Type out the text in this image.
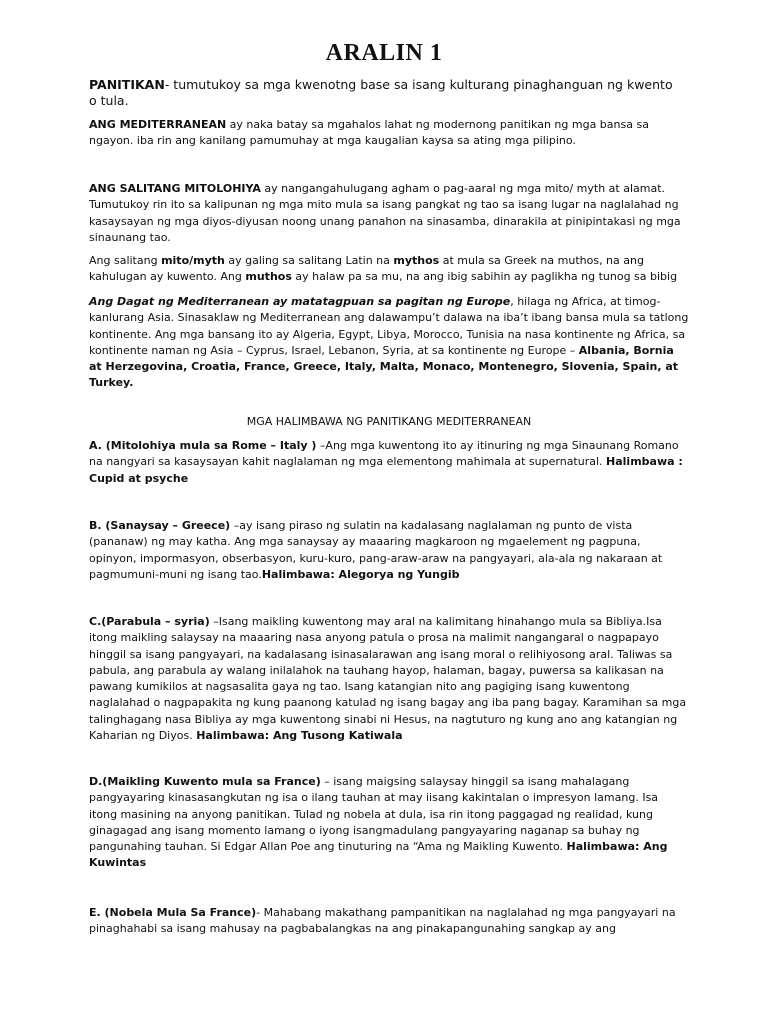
ARALIN 1
PANITIKAN- tumutukoy sa mga kwenotng base sa isang kulturang pinaghanguan ng kwento o tula.
ANG MEDITERRANEAN ay naka batay sa mgahalos lahat ng modernong panitikan ng mga bansa sa ngayon. iba rin ang kanilang pamumuhay at mga kaugalian kaysa sa ating mga pilipino.
ANG SALITANG MITOLOHIYA ay nangangahulugang agham o pag-aaral ng mga mito/ myth at alamat. Tumutukoy rin ito sa kalipunan ng mga mito mula sa isang pangkat ng tao sa isang lugar na naglalahad ng kasaysayan ng mga diyos-diyusan noong unang panahon na sinasamba, dinarakila at pinipintakasi ng mga sinaunang tao.
Ang salitang mito/myth ay galing sa salitang Latin na mythos at mula sa Greek na muthos, na ang kahulugan ay kuwento. Ang muthos ay halaw pa sa mu, na ang ibig sabihin ay paglikha ng tunog sa bibig
Ang Dagat ng Mediterranean ay matatagpuan sa pagitan ng Europe, hilaga ng Africa, at timog-kanlurang Asia. Sinasaklaw ng Mediterranean ang dalawampu’t dalawa na iba’t ibang bansa mula sa tatlong kontinente. Ang mga bansang ito ay Algeria, Egypt, Libya, Morocco, Tunisia na nasa kontinente ng Africa, sa kontinente naman ng Asia – Cyprus, Israel, Lebanon, Syria, at sa kontinente ng Europe – Albania, Bornia at Herzegovina, Croatia, France, Greece, Italy, Malta, Monaco, Montenegro, Slovenia, Spain, at Turkey.
MGA HALIMBAWA NG PANITIKANG MEDITERRANEAN
A. (Mitolohiya mula sa Rome – Italy ) –Ang mga kuwentong ito ay itinuring ng mga Sinaunang Romano na nangyari sa kasaysayan kahit naglalaman ng mga elementong mahimala at supernatural. Halimbawa : Cupid at psyche
B. (Sanaysay – Greece) –ay isang piraso ng sulatin na kadalasang naglalaman ng punto de vista (pananaw) ng may katha. Ang mga sanaysay ay maaaring magkaroon ng mgaelement ng pagpuna, opinyon, impormasyon, obserbasyon, kuru-kuro, pang-araw-araw na pangyayari, ala-ala ng nakaraan at pagmumuni-muni ng isang tao.Halimbawa: Alegorya ng Yungib
C.(Parabula – syria) –Isang maikling kuwentong may aral na kalimitang hinahango mula sa Bibliya.Isa itong maikling salaysay na maaaring nasa anyong patula o prosa na malimit nangangaral o nagpapayo hinggil sa isang pangyayari, na kadalasang isinasalarawan ang isang moral o relihiyosong aral. Taliwas sa pabula, ang parabula ay walang inilalahok na tauhang hayop, halaman, bagay, puwersa sa kalikasan na pawang kumikilos at nagsasalita gaya ng tao. Isang katangian nito ang pagiging isang kuwentong naglalahad o nagpapakita ng kung paanong katulad ng isang bagay ang iba pang bagay. Karamihan sa mga talinghagang nasa Bibliya ay mga kuwentong sinabi ni Hesus, na nagtuturo ng kung ano ang katangian ng Kaharian ng Diyos. Halimbawa: Ang Tusong Katiwala
D.(Maikling Kuwento mula sa France) – isang maigsing salaysay hinggil sa isang mahalagang pangyayaring kinasasangkutan ng isa o ilang tauhan at may iisang kakintalan o impresyon lamang. Isa itong masining na anyong panitikan. Tulad ng nobela at dula, isa rin itong paggagad ng realidad, kung ginagagad ang isang momento lamang o iyong isangmadulang pangyayaring naganap sa buhay ng pangunahing tauhan. Si Edgar Allan Poe ang tinuturing na “Ama ng Maikling Kuwento. Halimbawa: Ang Kuwintas
E. (Nobela Mula Sa France)- Mahabang makathang pampanitikan na naglalahad ng mga pangyayari na pinaghahabi sa isang mahusay na pagbabalangkas na ang pinakapangunahing sangkap ay ang
